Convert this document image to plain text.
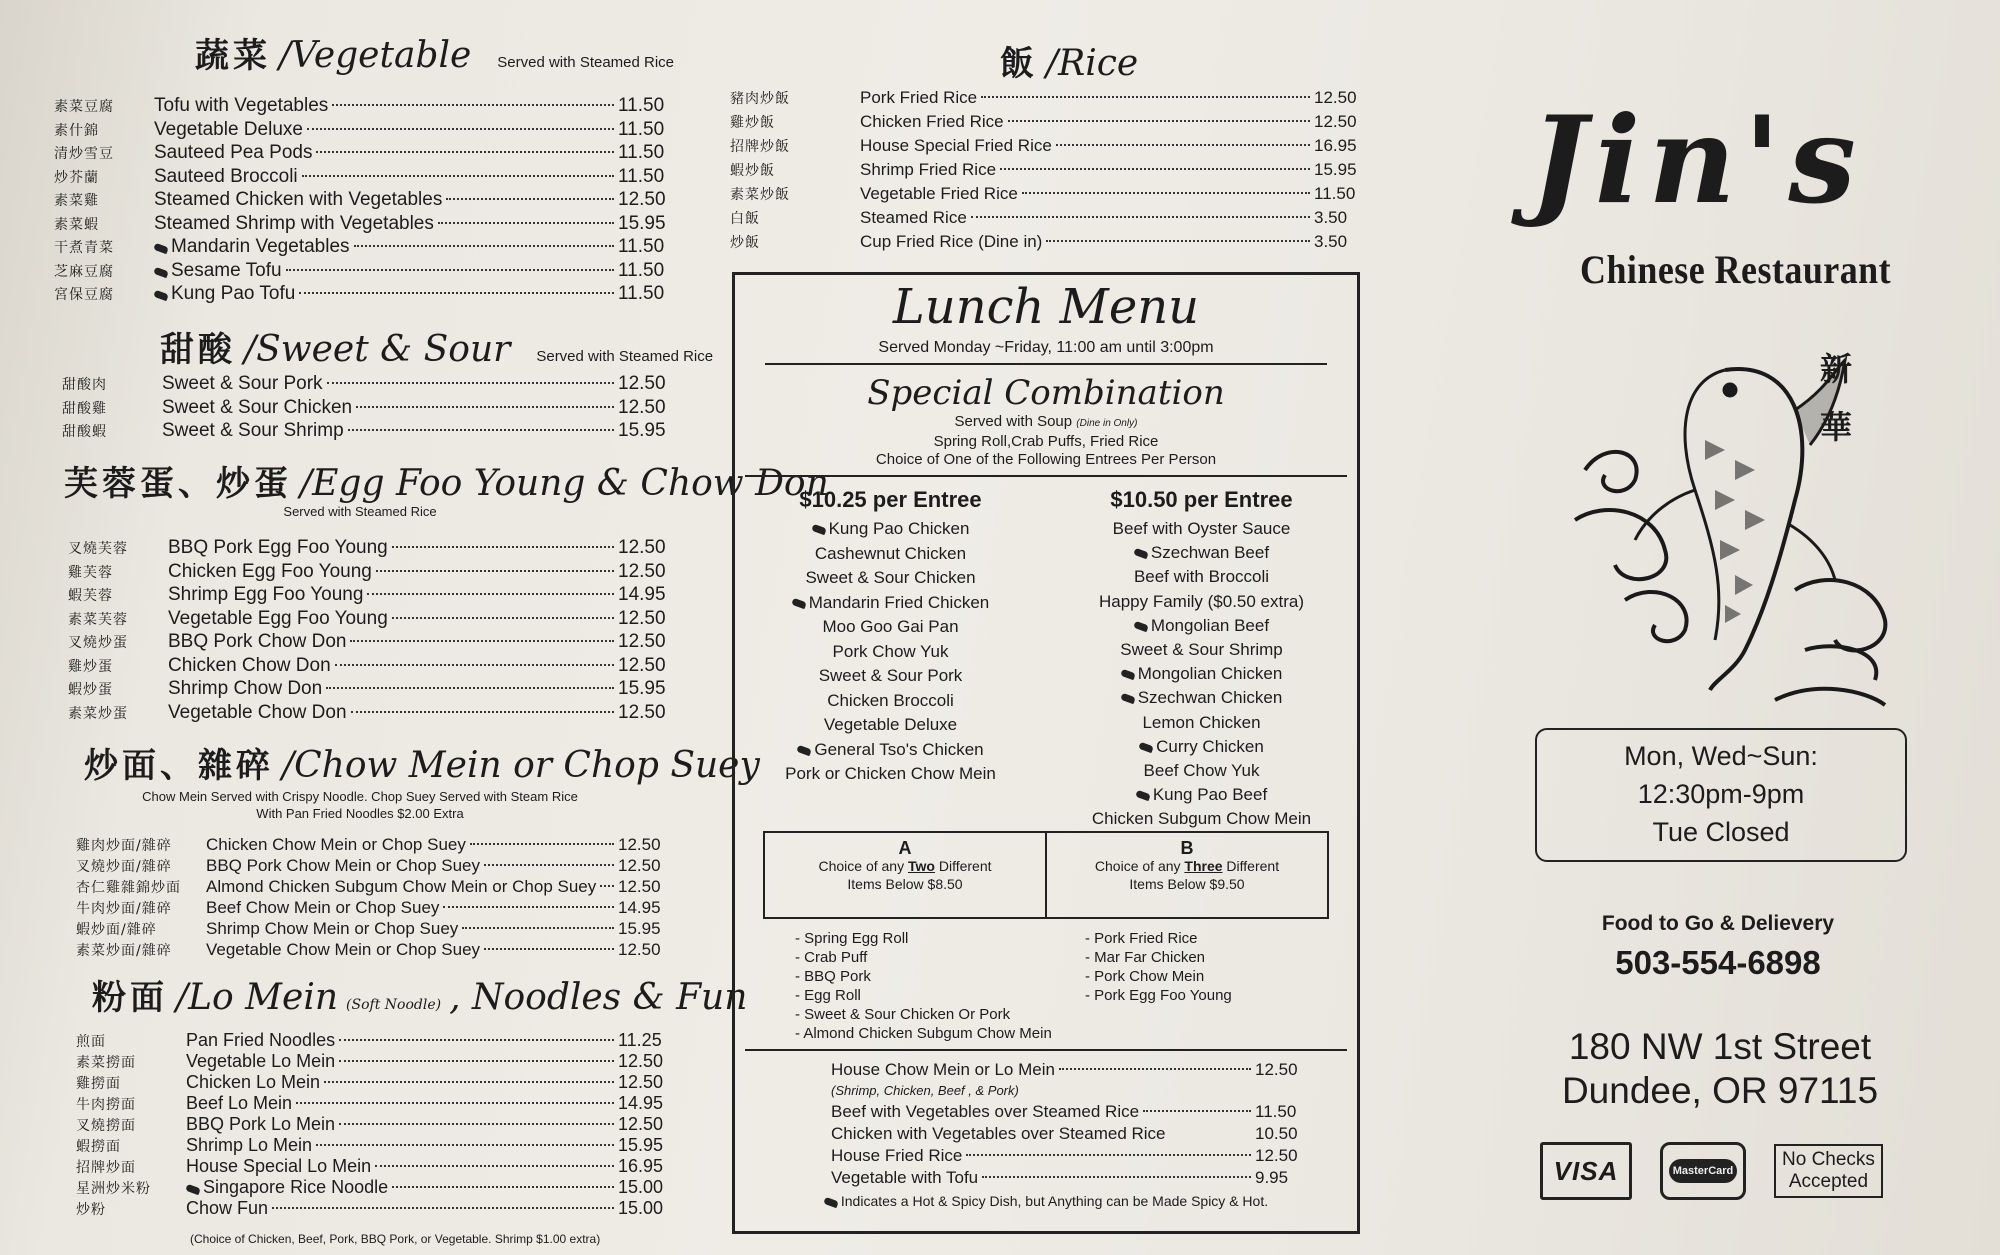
蔬菜 /Vegetable Served with Steamed Rice
素菜豆腐	Tofu with Vegetables	11.50
素什錦	Vegetable Deluxe	11.50
清炒雪豆	Sauteed Pea Pods	11.50
炒芥蘭	Sauteed Broccoli	11.50
素菜雞	Steamed Chicken with Vegetables	12.50
素菜蝦	Steamed Shrimp with Vegetables	15.95
干煮青菜	Mandarin Vegetables	11.50
芝麻豆腐	Sesame Tofu	11.50
宮保豆腐	Kung Pao Tofu	11.50
甜酸 /Sweet & Sour Served with Steamed Rice
甜酸肉	Sweet & Sour Pork	12.50
甜酸雞	Sweet & Sour Chicken	12.50
甜酸蝦	Sweet & Sour Shrimp	15.95
芙蓉蛋、炒蛋 /Egg Foo Young & Chow Don
Served with Steamed Rice
叉燒芙蓉	BBQ Pork Egg Foo Young	12.50
雞芙蓉	Chicken Egg Foo Young	12.50
蝦芙蓉	Shrimp Egg Foo Young	14.95
素菜芙蓉	Vegetable Egg Foo Young	12.50
叉燒炒蛋	BBQ Pork Chow Don	12.50
雞炒蛋	Chicken Chow Don	12.50
蝦炒蛋	Shrimp Chow Don	15.95
素菜炒蛋	Vegetable Chow Don	12.50
炒面、雜碎 /Chow Mein or Chop Suey
Chow Mein Served with Crispy Noodle. Chop Suey Served with Steam Rice
With Pan Fried Noodles $2.00 Extra
雞肉炒面/雜碎	Chicken Chow Mein or Chop Suey	12.50
叉燒炒面/雜碎	BBQ Pork Chow Mein or Chop Suey	12.50
杏仁雞雜錦炒面	Almond Chicken Subgum Chow Mein or Chop Suey 12.50
牛肉炒面/雜碎	Beef Chow Mein or Chop Suey	14.95
蝦炒面/雜碎	Shrimp Chow Mein or Chop Suey	15.95
素菜炒面/雜碎	Vegetable Chow Mein or Chop Suey	12.50
粉面 /Lo Mein (Soft Noodle) , Noodles & Fun
煎面	Pan Fried Noodles	11.25
素菜撈面	Vegetable Lo Mein	12.50
雞撈面	Chicken Lo Mein	12.50
牛肉撈面	Beef Lo Mein	14.95
叉燒撈面	BBQ Pork Lo Mein	12.50
蝦撈面	Shrimp Lo Mein	15.95
招牌炒面	House Special Lo Mein	16.95
星洲炒米粉	Singapore Rice Noodle	15.00
炒粉	Chow Fun	15.00
(Choice of Chicken, Beef, Pork, BBQ Pork, or Vegetable. Shrimp $1.00 extra)
飯 /Rice
豬肉炒飯	Pork Fried Rice	12.50
雞炒飯	Chicken Fried Rice	12.50
招牌炒飯	House Special Fried Rice	16.95
蝦炒飯	Shrimp Fried Rice	15.95
素菜炒飯	Vegetable Fried Rice	11.50
白飯	Steamed Rice	3.50
炒飯	Cup Fried Rice (Dine in)	3.50
Lunch Menu
Served Monday ~Friday, 11:00 am until 3:00pm
Special Combination
Served with Soup (Dine in Only)
Spring Roll,Crab Puffs, Fried Rice
Choice of One of the Following Entrees Per Person
$10.25 per Entree
Kung Pao Chicken
Cashewnut Chicken
Sweet & Sour Chicken
Mandarin Fried Chicken
Moo Goo Gai Pan
Pork Chow Yuk
Sweet & Sour Pork
Chicken Broccoli
Vegetable Deluxe
General Tso's Chicken
Pork or Chicken Chow Mein
$10.50 per Entree
Beef with Oyster Sauce
Szechwan Beef
Beef with Broccoli
Happy Family ($0.50 extra)
Mongolian Beef
Sweet & Sour Shrimp
Mongolian Chicken
Szechwan Chicken
Lemon Chicken
Curry Chicken
Beef Chow Yuk
Kung Pao Beef
Chicken Subgum Chow Mein
A
Choice of any Two Different
Items Below $8.50
B
Choice of any Three Different
Items Below $9.50
- Spring Egg Roll
- Crab Puff
- BBQ Pork
- Egg Roll
- Sweet & Sour Chicken Or Pork
- Almond Chicken Subgum Chow Mein
- Pork Fried Rice
- Mar Far Chicken
- Pork Chow Mein
- Pork Egg Foo Young
House Chow Mein or Lo Mein	12.50
(Shrimp, Chicken, Beef , & Pork)
Beef with Vegetables over Steamed Rice	11.50
Chicken with Vegetables over Steamed Rice	10.50
House Fried Rice	12.50
Vegetable with Tofu	9.95
Indicates a Hot & Spicy Dish, but Anything can be Made Spicy & Hot.
Jin's
Chinese Restaurant
新華
Mon, Wed~Sun:
12:30pm-9pm
Tue Closed
Food to Go & Delievery
503-554-6898
180 NW 1st Street
Dundee, OR 97115
VISA	MasterCard
No Checks
Accepted
